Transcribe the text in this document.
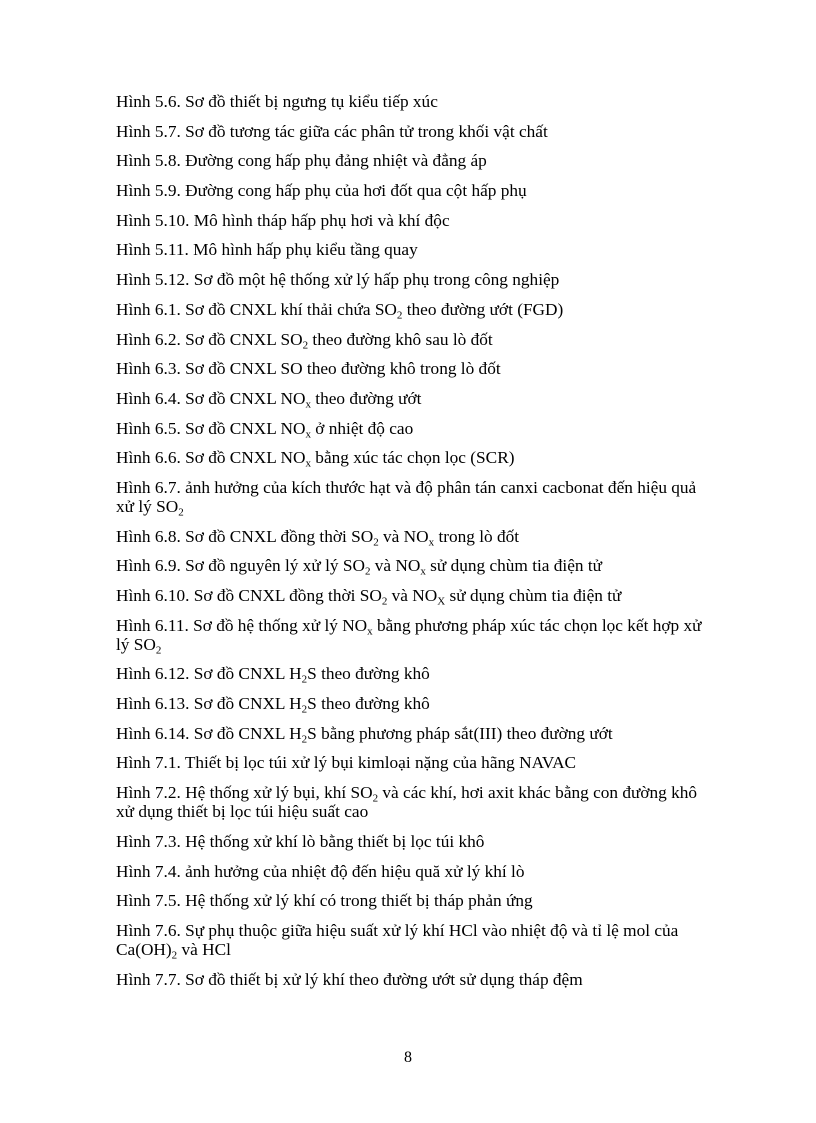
Hình 5.6. Sơ đồ thiết bị ngưng tụ kiểu tiếp xúc
Hình 5.7. Sơ đồ tương tác giữa các phân tử trong khối vật chất
Hình 5.8. Đường cong hấp phụ đảng nhiệt và đẳng áp
Hình 5.9. Đường cong hấp phụ của hơi đốt qua cột hấp phụ
Hình 5.10. Mô hình tháp hấp phụ hơi và khí độc
Hình 5.11. Mô hình hấp phụ kiểu tầng quay
Hình 5.12. Sơ đồ một hệ thống xử lý hấp phụ trong công nghiệp
Hình 6.1. Sơ đồ CNXL khí thải chứa $SO_2$ theo đường ướt (FGD)
Hình 6.2. Sơ đồ CNXL $SO_2$ theo đường khô sau lò đốt
Hình 6.3. Sơ đồ CNXL SO theo đường khô trong lò đốt
Hình 6.4. Sơ đồ CNXL $NO_x$ theo đường ướt
Hình 6.5. Sơ đồ CNXL $NO_x$ ở nhiệt độ cao
Hình 6.6. Sơ đồ CNXL $NO_x$ bằng xúc tác chọn lọc (SCR)
Hình 6.7. ảnh hưởng của kích thước hạt và độ phân tán canxi cacbonat đến hiệu quả xử lý $SO_2$
Hình 6.8. Sơ đồ CNXL đồng thời $SO_2$ và $NO_x$ trong lò đốt
Hình 6.9. Sơ đồ nguyên lý xử lý $SO_2$ và $NO_x$ sử dụng chùm tia điện tử
Hình 6.10. Sơ đồ CNXL đồng thời $SO_2$ và $NO_X$ sử dụng chùm tia điện tử
Hình 6.11. Sơ đồ hệ thống xử lý $NO_x$ bằng phương pháp xúc tác chọn lọc kết hợp xử lý $SO_2$
Hình 6.12. Sơ đồ CNXL $H_2S$ theo đường khô
Hình 6.13. Sơ đồ CNXL $H_2S$ theo đường khô
Hình 6.14. Sơ đồ CNXL $H_2S$ bằng phương pháp sắt(III) theo đường ướt
Hình 7.1. Thiết bị lọc túi xử lý bụi kimloại nặng của hãng NAVAC
Hình 7.2. Hệ thống xử lý bụi, khí $SO_2$ và các khí, hơi axit khác bằng con đường khô xử dụng thiết bị lọc túi hiệu suất cao
Hình 7.3. Hệ thống xử khí lò bằng thiết bị lọc túi khô
Hình 7.4. ảnh hưởng của nhiệt độ đến hiệu quă xử lý khí lò
Hình 7.5. Hệ thống xử lý khí có trong thiết bị tháp phản ứng
Hình 7.6. Sự phụ thuộc giữa hiệu suất xử lý khí HCl vào nhiệt độ và tỉ lệ mol của $Ca(OH)_2$ và HCl
Hình 7.7. Sơ đồ thiết bị xử lý khí theo đường ướt sử dụng tháp đệm
8
